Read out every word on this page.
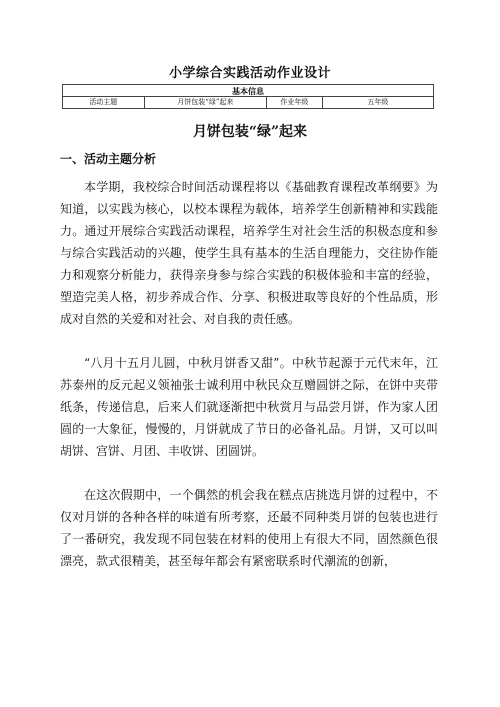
小学综合实践活动作业设计
基本信息
活动主题	月饼包装“绿”起来	作业年级	五年级
月饼包装“绿”起来
一、活动主题分析

本学期，我校综合时间活动课程将以《基础教育课程改革纲要》为知道，以实践为核心，以校本课程为载体，培养学生创新精神和实践能力。通过开展综合实践活动课程，培养学生对社会生活的积极态度和参与综合实践活动的兴趣，使学生具有基本的生活自理能力，交往协作能力和观察分析能力，获得亲身参与综合实践的积极体验和丰富的经验，塑造完美人格，初步养成合作、分享、积极进取等良好的个性品质，形成对自然的关爱和对社会、对自我的责任感。

“八月十五月儿圆，中秋月饼香又甜”。中秋节起源于元代末年，江苏泰州的反元起义领袖张士诚利用中秋民众互赠圆饼之际，在饼中夹带纸条，传递信息，后来人们就逐渐把中秋赏月与品尝月饼，作为家人团圆的一大象征，慢慢的，月饼就成了节日的必备礼品。月饼，又可以叫胡饼、宫饼、月团、丰收饼、团圆饼。

在这次假期中，一个偶然的机会我在糕点店挑选月饼的过程中，不仅对月饼的各种各样的味道有所考察，还最不同种类月饼的包装也进行了一番研究，我发现不同包装在材料的使用上有很大不同，固然颜色很漂亮，款式很精美，甚至每年都会有紧密联系时代潮流的创新，
